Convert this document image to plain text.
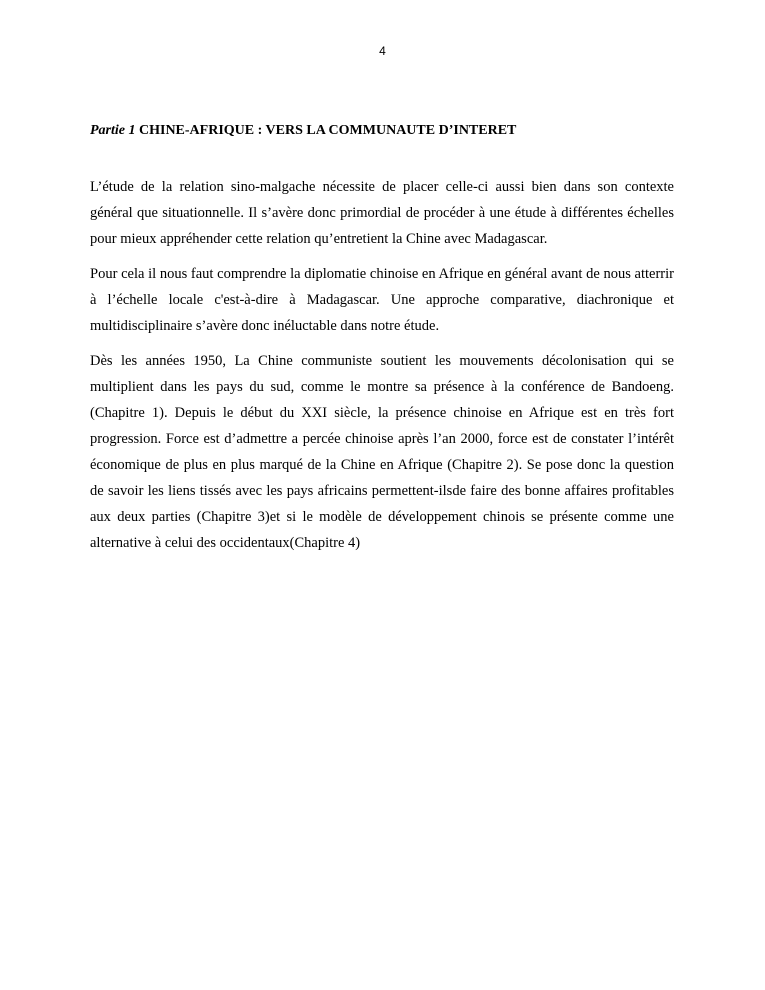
4

Partie 1 CHINE-AFRIQUE : VERS LA COMMUNAUTE D’INTERET

L’étude de la relation sino-malgache nécessite de placer celle-ci aussi bien dans son contexte général que situationnelle. Il s’avère donc primordial de procéder à une étude à différentes échelles pour mieux appréhender cette relation qu’entretient la Chine avec Madagascar.

Pour cela il nous faut comprendre la diplomatie chinoise en Afrique en général avant de nous atterrir à l’échelle locale c'est-à-dire à Madagascar. Une approche comparative, diachronique et multidisciplinaire s’avère donc inéluctable dans notre étude.

Dès les années 1950, La Chine communiste soutient les mouvements décolonisation qui se multiplient dans les pays du sud, comme le montre sa présence à la conférence de Bandoeng. (Chapitre 1). Depuis le début du XXI siècle, la présence chinoise en Afrique est en très fort progression. Force est d’admettre a percée chinoise après l’an 2000, force est de constater l’intérêt économique de plus en plus marqué de la Chine en Afrique (Chapitre 2). Se pose donc la question de savoir les liens tissés avec les pays africains permettent-ilsde faire des bonne affaires profitables aux deux parties (Chapitre 3)et si le modèle de développement chinois se présente comme une alternative à celui des occidentaux(Chapitre 4)
